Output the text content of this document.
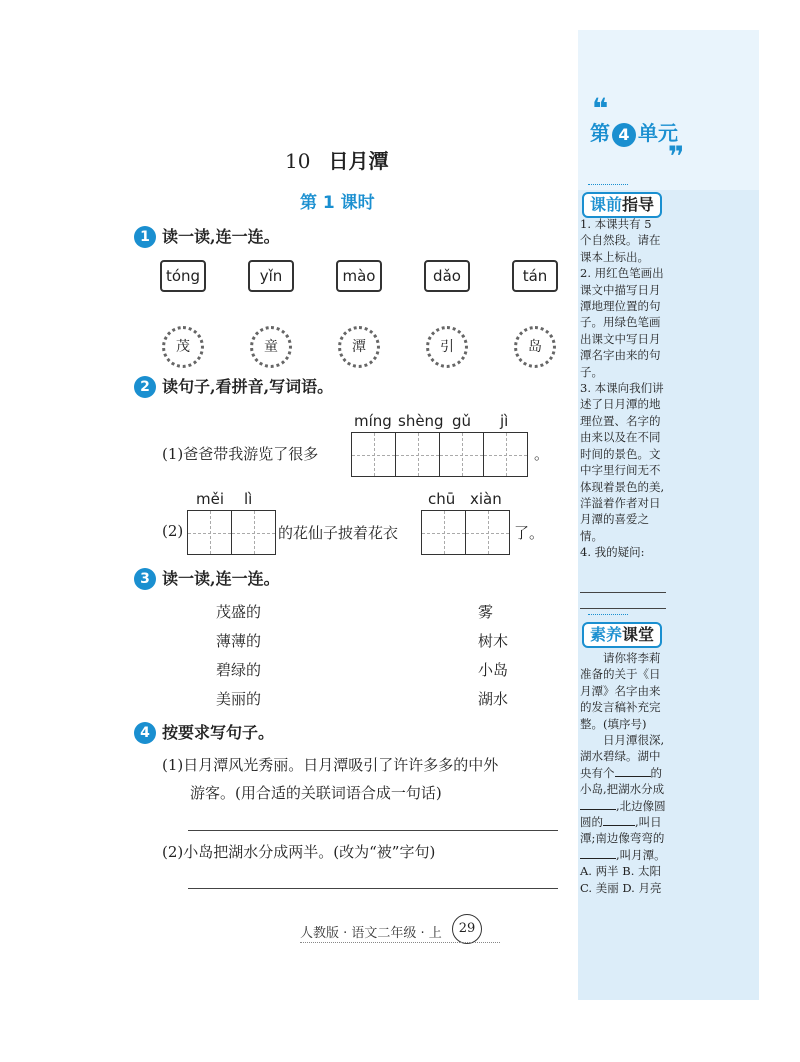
❝
第 4 单元
❞
课前指导
1. 本课共有 5 个自然段。请在课本上标出。
2. 用红色笔画出课文中描写日月潭地理位置的句子。用绿色笔画出课文中写日月潭名字由来的句子。
3. 本课向我们讲述了日月潭的地理位置、名字的由来以及在不同时间的景色。文中字里行间无不体现着景色的美,洋溢着作者对日月潭的喜爱之情。
4. 我的疑问:
素养课堂
请你将李莉准备的关于《日月潭》名字由来的发言稿补充完整。(填序号)
日月潭很深,湖水碧绿。湖中央有个	的小岛,把湖水分成,北边像圆圆的	,叫日潭;南边像弯弯的,叫月潭。
A. 两半 B. 太阳
C. 美丽 D. 月亮
10 日月潭
第 1 课时
1 读一读,连一连。
tóng	yǐn	mào	dǎo	tán
茂	童	潭	引	岛
2 读句子,看拼音,写词语。
míng shèng gǔ jì
(1)爸爸带我游览了很多	。
měi lì	chū xiàn
(2)	的花仙子披着花衣	了。
3 读一读,连一连。
茂盛的
薄薄的
碧绿的
美丽的
雾
树木
小岛
湖水
4 按要求写句子。
(1)日月潭风光秀丽。日月潭吸引了许许多多的中外
游客。(用合适的关联词语合成一句话)
(2)小岛把湖水分成两半。(改为“被”字句)
人教版 · 语文二年级 · 上	29
